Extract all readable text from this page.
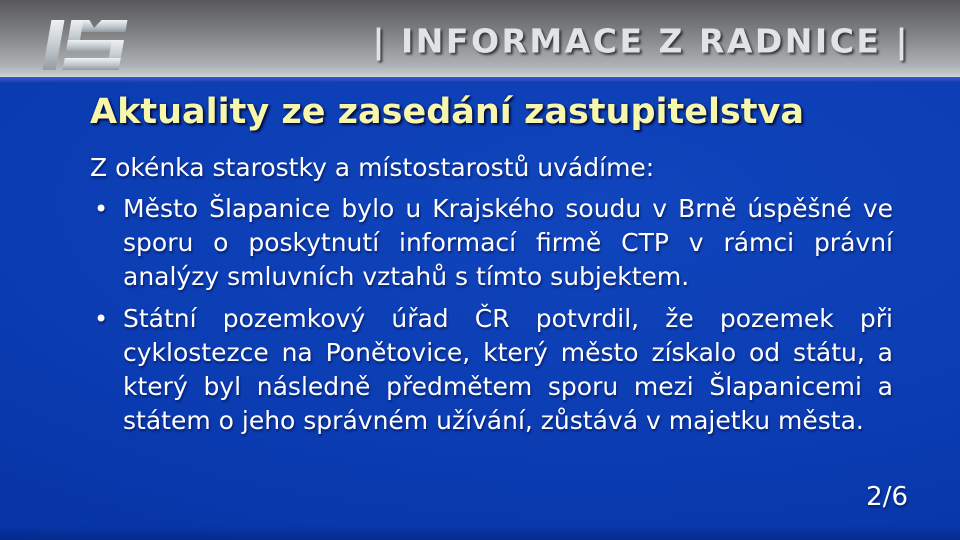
| INFORMACE Z RADNICE |
Aktuality ze zasedání zastupitelstva

Z okénka starostky a místostarostů uvádíme:

• Město Šlapanice bylo u Krajského soudu v Brně úspěšné ve sporu o poskytnutí informací firmě CTP v rámci právní analýzy smluvních vztahů s tímto subjektem.
• Státní pozemkový úřad ČR potvrdil, že pozemek při cyklostezce na Ponětovice, který město získalo od státu, a který byl následně předmětem sporu mezi Šlapanicemi a státem o jeho správném užívání, zůstává v majetku města.
2/6
